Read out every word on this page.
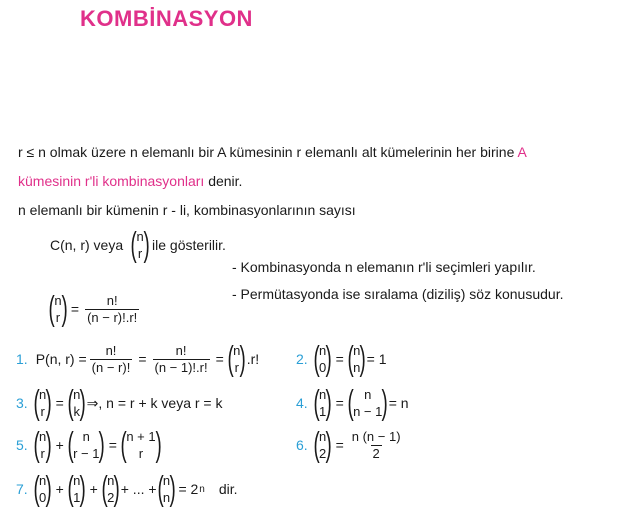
KOMBİNASYON
r ≤ n olmak üzere n elemanlı bir A kümesinin r elemanlı alt kümelerinin her birine A
kümesinin r'li kombinasyonları denir.
n elemanlı bir kümenin r - li, kombinasyonlarının sayısı
C(n, r) veya ( n
r ) ile gösterilir.
- Kombinasyonda n elemanın r'li seçimleri yapılır.
- Permütasyonda ise sıralama (diziliş) söz konusudur.
( n
r ) = $\frac{n!}{(n - r)!.r!}$
1. P(n, $r) = \frac{n!}{(n - r)!} = \frac{n!}{(n - 1)!.r!}$ = ( n
r ) .r!	2. ( n
0 ) = ( n
n ) = 1
3. ( n
r ) = ( n
k ) ⇒, n = r + k veya r = k	4. ( n
1 ) = ( n
n − 1 ) = n
5. ( n
r ) + ( n
r − 1 ) = ( n + 1
r )	6. ( n
2 ) = $\frac{n (n - 1)}{2}$
7. ( n
0 ) + ( n
1 ) + ( n
2 ) + ... + ( n
n ) = 2 n dir.
